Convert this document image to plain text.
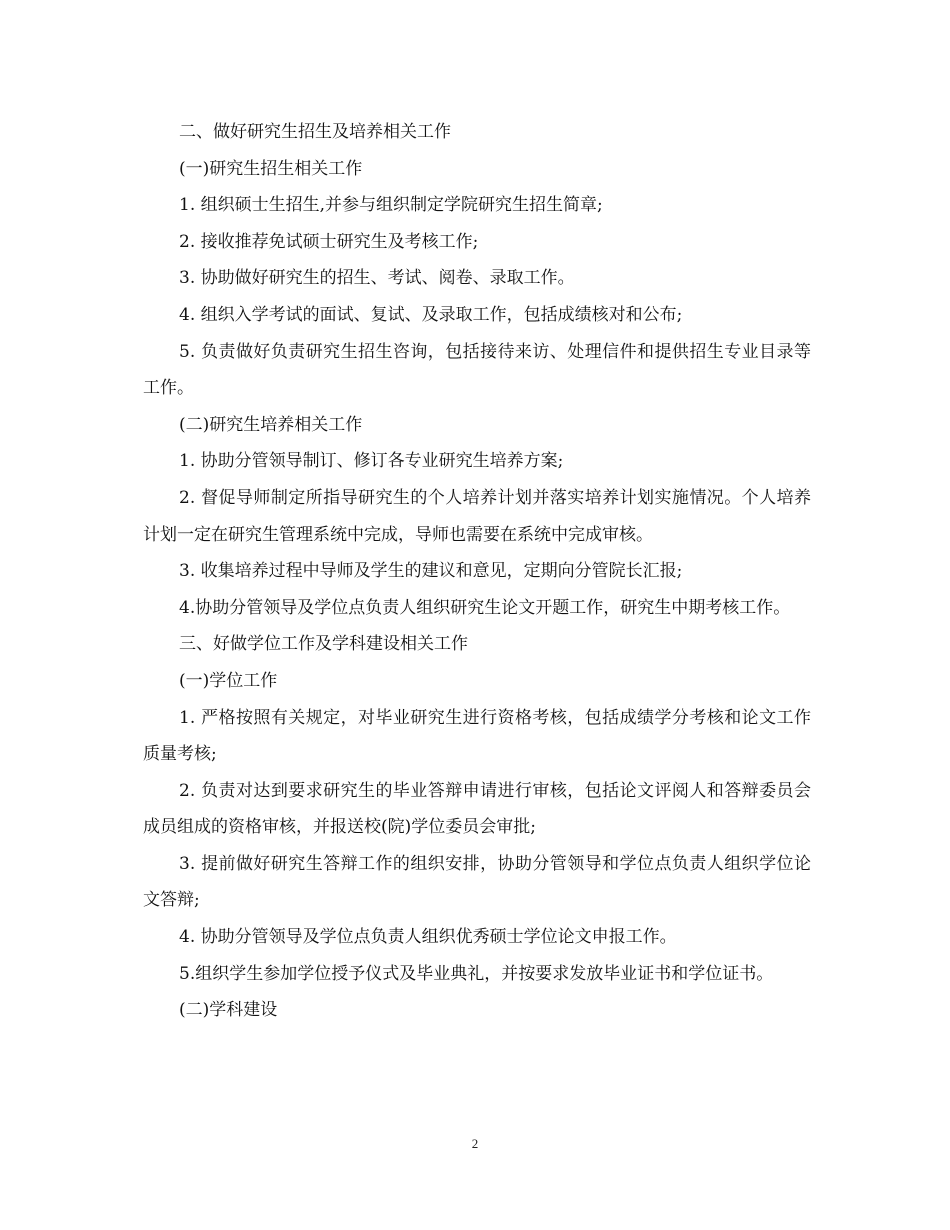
二、做好研究生招生及培养相关工作

(一)研究生招生相关工作

1. 组织硕士生招生,并参与组织制定学院研究生招生简章;

2. 接收推荐免试硕士研究生及考核工作;

3. 协助做好研究生的招生、考试、阅卷、录取工作。

4. 组织入学考试的面试、复试、及录取工作，包括成绩核对和公布;

5. 负责做好负责研究生招生咨询，包括接待来访、处理信件和提供招生专业目录等工作。

(二)研究生培养相关工作

1. 协助分管领导制订、修订各专业研究生培养方案;

2. 督促导师制定所指导研究生的个人培养计划并落实培养计划实施情况。个人培养计划一定在研究生管理系统中完成，导师也需要在系统中完成审核。

3. 收集培养过程中导师及学生的建议和意见，定期向分管院长汇报;

4.协助分管领导及学位点负责人组织研究生论文开题工作，研究生中期考核工作。

三、好做学位工作及学科建设相关工作

(一)学位工作

1. 严格按照有关规定，对毕业研究生进行资格考核，包括成绩学分考核和论文工作质量考核;

2. 负责对达到要求研究生的毕业答辩申请进行审核，包括论文评阅人和答辩委员会成员组成的资格审核，并报送校(院)学位委员会审批;

3. 提前做好研究生答辩工作的组织安排，协助分管领导和学位点负责人组织学位论文答辩;

4. 协助分管领导及学位点负责人组织优秀硕士学位论文申报工作。

5.组织学生参加学位授予仪式及毕业典礼，并按要求发放毕业证书和学位证书。

(二)学科建设

2
